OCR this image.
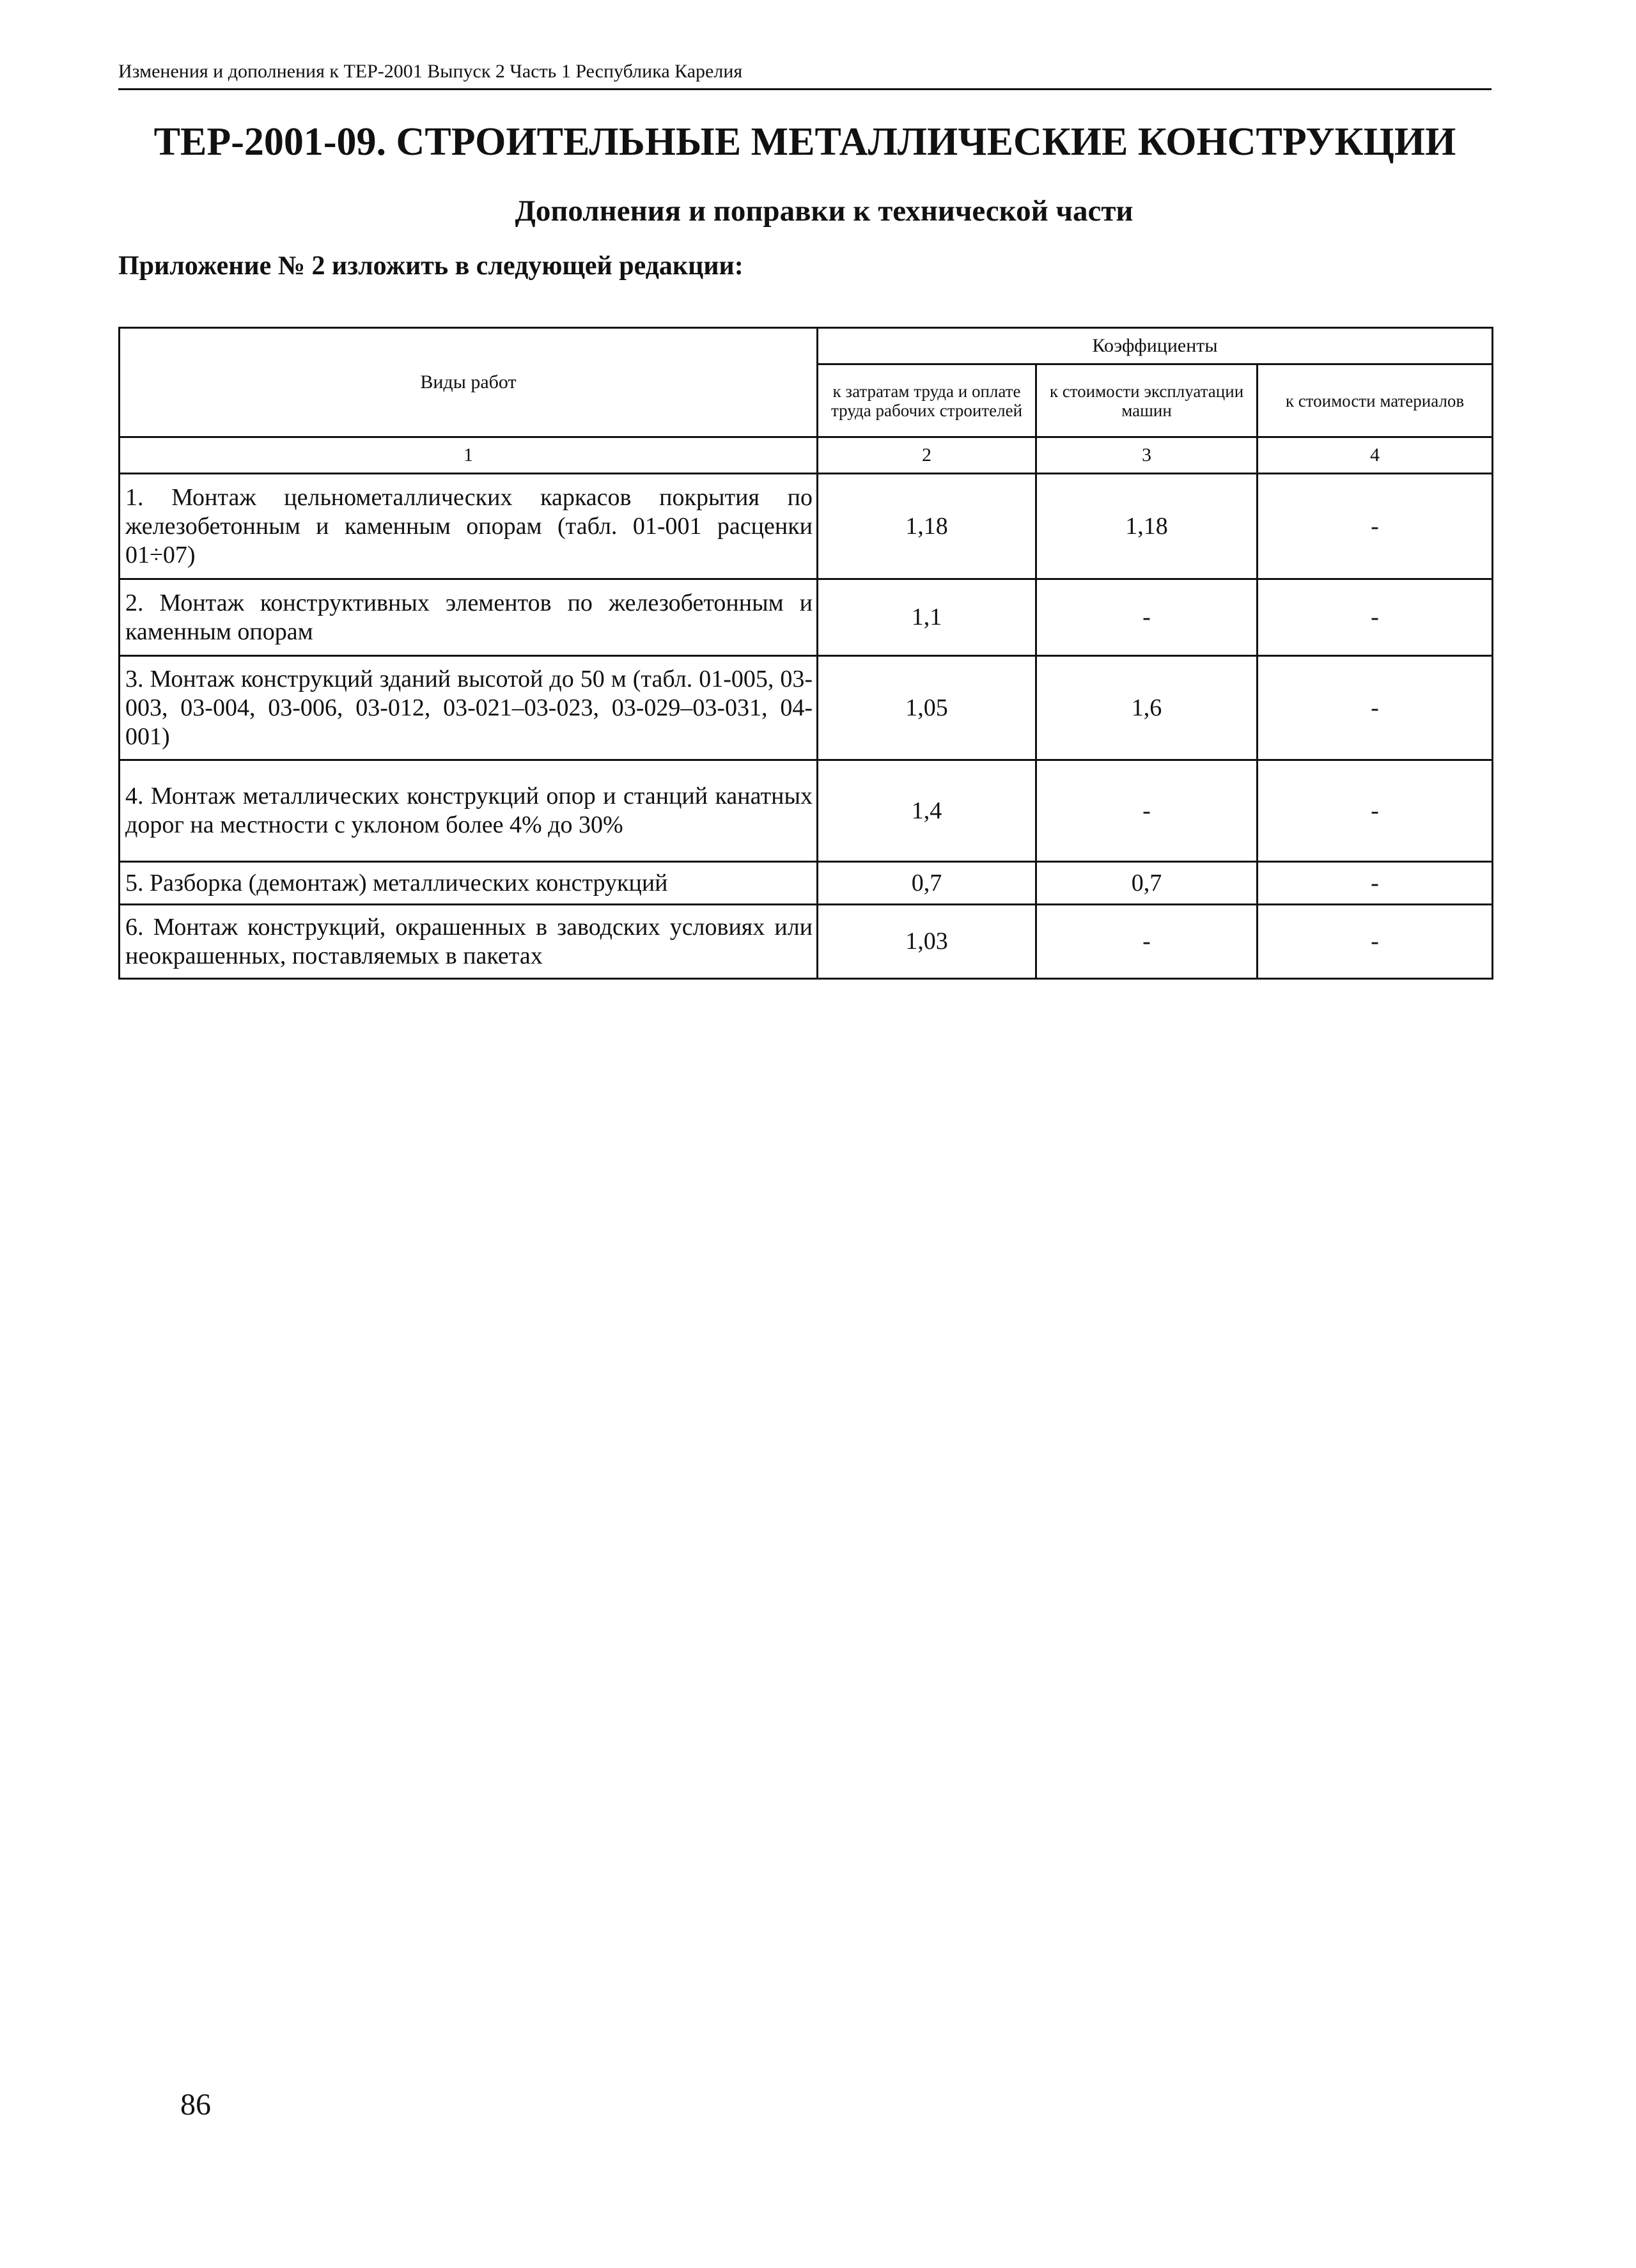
Изменения и дополнения к ТЕР-2001 Выпуск 2 Часть 1 Республика Карелия
ТЕР-2001-09. СТРОИТЕЛЬНЫЕ МЕТАЛЛИЧЕСКИЕ КОНСТРУКЦИИ
Дополнения и поправки к технической части
Приложение № 2 изложить в следующей редакции:
Виды работ	Коэффициенты		
	к затратам труда и оплате труда рабочих строителей	к стоимости эксплуатации машин	к стоимости материалов
1	2	3	4
1. Монтаж цельнометаллических каркасов покрытия по железобетонным и каменным опорам (табл. 01-001 расценки 01÷07)	1,18	1,18	-
2. Монтаж конструктивных элементов по железобетонным и каменным опорам	1,1	-	-
3. Монтаж конструкций зданий высотой до 50 м (табл. 01-005, 03-003, 03-004, 03-006, 03-012, 03-021–03-023, 03-029–03-031, 04-001)	1,05	1,6	-
4. Монтаж металлических конструкций опор и станций канатных дорог на местности с уклоном более 4% до 30%	1,4	-	-
5. Разборка (демонтаж) металлических конструкций	0,7	0,7	-
6. Монтаж конструкций, окрашенных в заводских условиях или неокрашенных, поставляемых в пакетах	1,03	-	-
86
